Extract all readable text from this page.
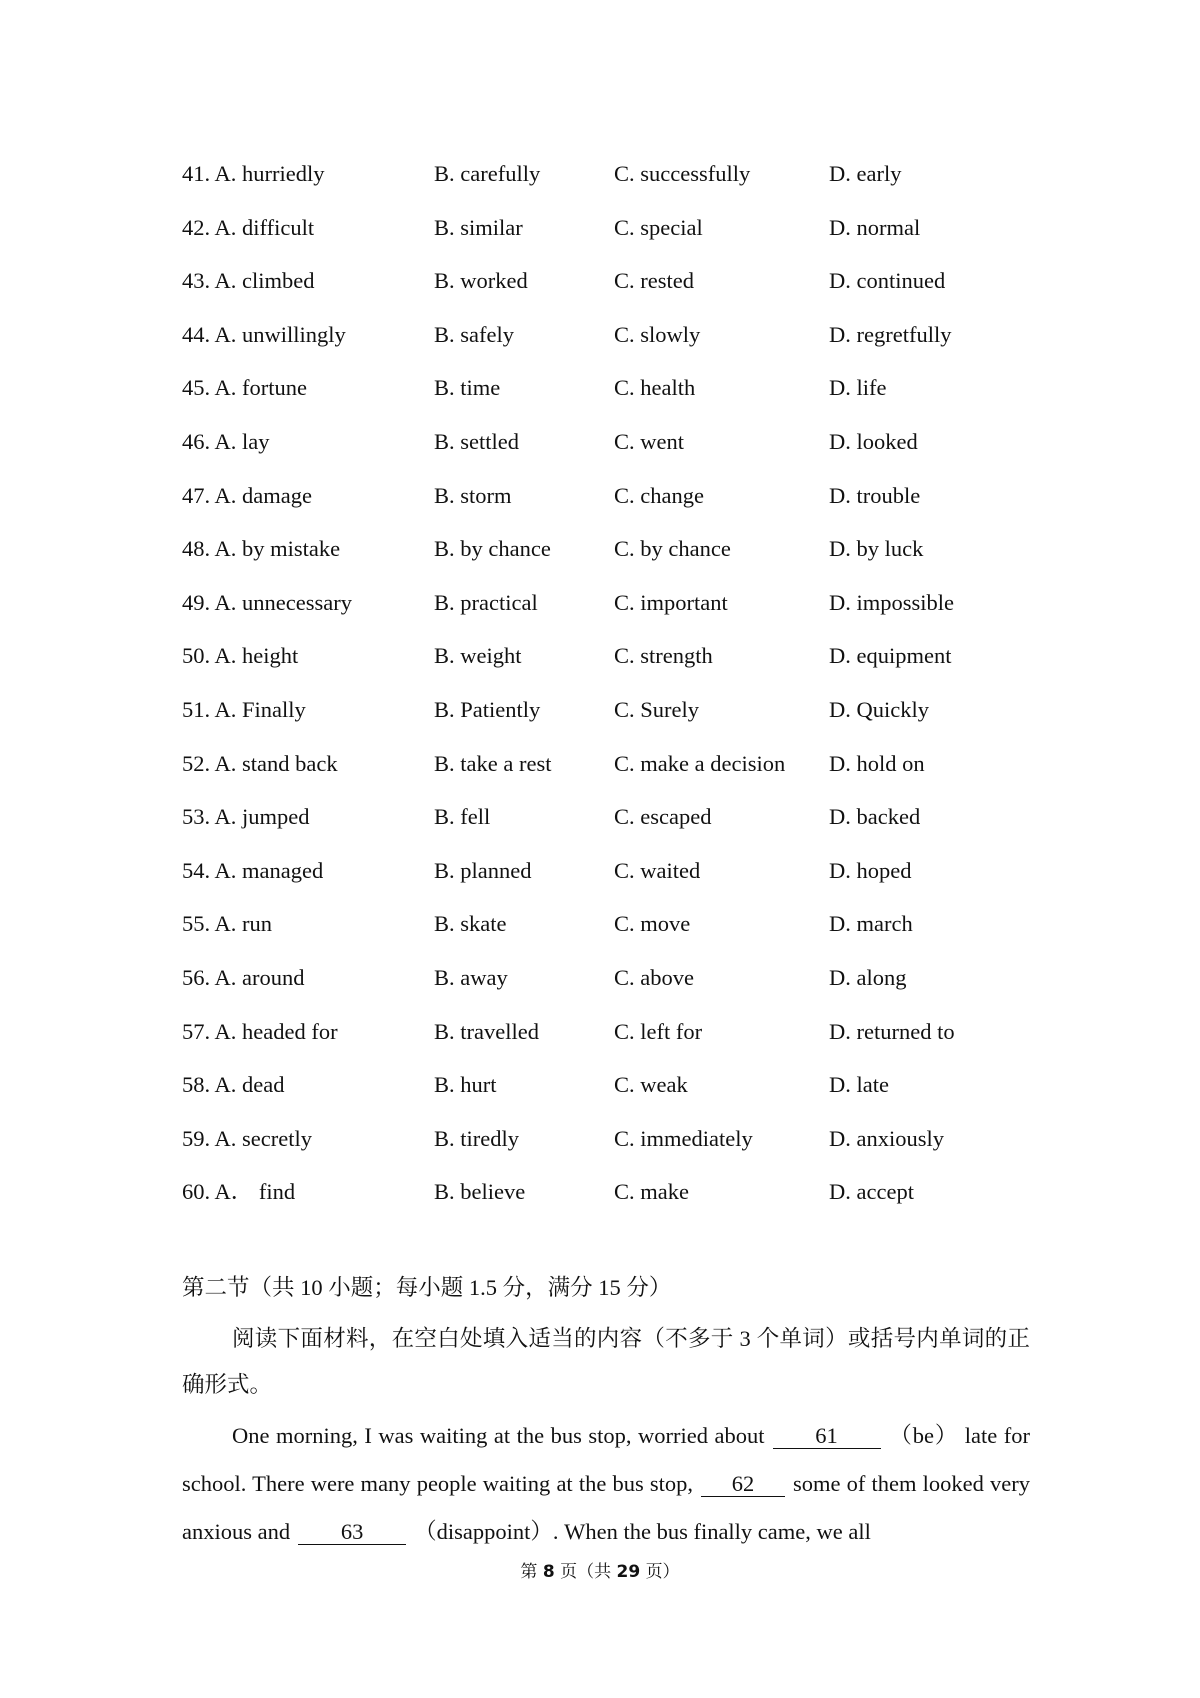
41. A. hurriedly	B. carefully	C. successfully	D. early
42. A. difficult	B. similar	C. special	D. normal
43. A. climbed	B. worked	C. rested	D. continued
44. A. unwillingly	B. safely	C. slowly	D. regretfully
45. A. fortune	B. time	C. health	D. life
46. A. lay	B. settled	C. went	D. looked
47. A. damage	B. storm	C. change	D. trouble
48. A. by mistake	B. by chance	C. by chance	D. by luck
49. A. unnecessary	B. practical	C. important	D. impossible
50. A. height	B. weight	C. strength	D. equipment
51. A. Finally	B. Patiently	C. Surely	D. Quickly
52. A. stand back	B. take a rest	C. make a decision D. hold on
53. A. jumped	B. fell	C. escaped	D. backed
54. A. managed	B. planned	C. waited	D. hoped
55. A. run	B. skate	C. move	D. march
56. A. around	B. away	C. above	D. along
57. A. headed for	B. travelled	C. left for	D. returned to
58. A. dead	B. hurt	C. weak	D. late
59. A. secretly	B. tiredly	C. immediately	D. anxiously
60. A． find	B. believe	C. make	D. accept
第二节（共 10 小题；每小题 1.5 分，满分 15 分）
阅读下面材料，在空白处填入适当的内容（不多于 3 个单词）或括号内单词的正确形式。
One morning, I was waiting at the bus stop, worried about 61 （be） late for school. There were many people waiting at the bus stop, 62 some of them looked very anxious and 63 （disappoint）. When the bus finally came, we all
第 8 页（共 29 页）
